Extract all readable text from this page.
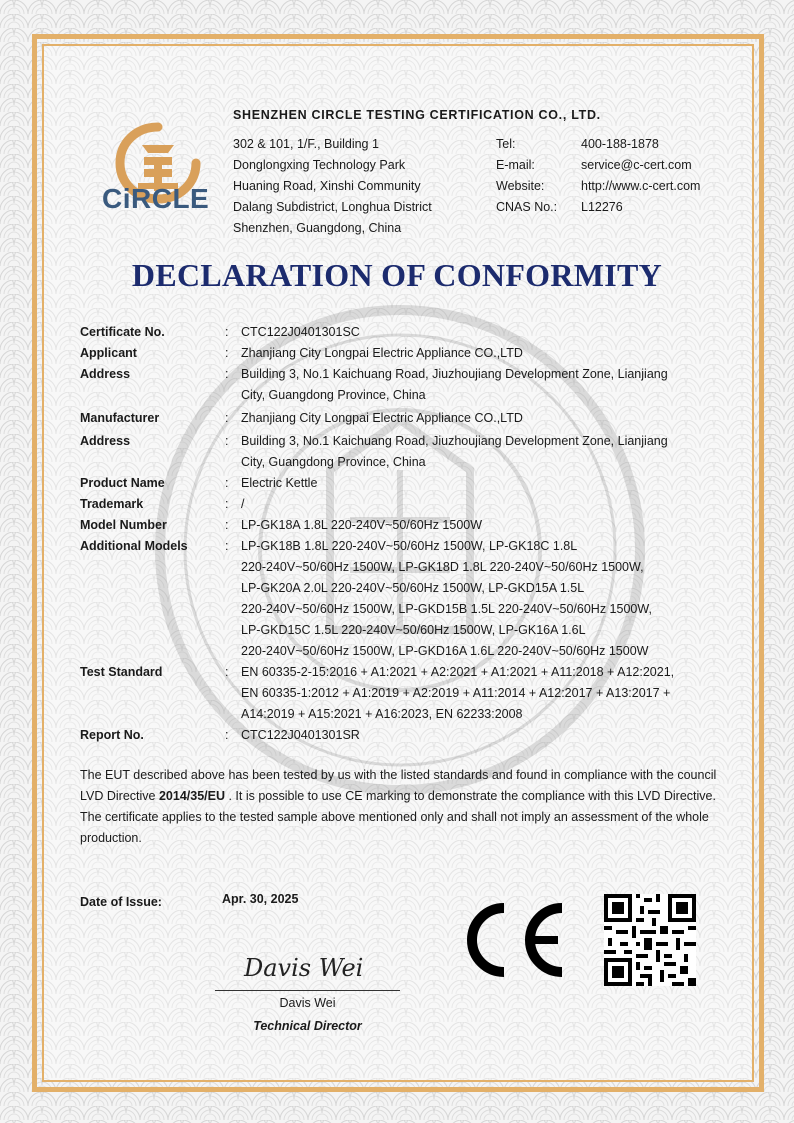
CiRCLE
SHENZHEN CIRCLE TESTING CERTIFICATION CO., LTD.
302 & 101, 1/F., Building 1
Donglongxing Technology Park
Huaning Road, Xinshi Community
Dalang Subdistrict, Longhua District
Shenzhen, Guangdong, China
Tel:	400-188-1878
E-mail:	service@c-cert.com
Website:	http://www.c-cert.com
CNAS No.:	L12276
DECLARATION OF CONFORMITY
Certificate No.	:	CTC122J0401301SC
Applicant	:	Zhanjiang City Longpai Electric Appliance CO.,LTD
Address	:	Building 3, No.1 Kaichuang Road, Jiuzhoujiang Development Zone, Lianjiang
City, Guangdong Province, China
Manufacturer	:	Zhanjiang City Longpai Electric Appliance CO.,LTD
Address	:	Building 3, No.1 Kaichuang Road, Jiuzhoujiang Development Zone, Lianjiang
City, Guangdong Province, China
Product Name	:	Electric Kettle
Trademark	:	/
Model Number	:	LP-GK18A 1.8L 220-240V~50/60Hz 1500W
Additional Models	:	LP-GK18B 1.8L 220-240V~50/60Hz 1500W, LP-GK18C 1.8L
220-240V~50/60Hz 1500W, LP-GK18D 1.8L 220-240V~50/60Hz 1500W,
LP-GK20A 2.0L 220-240V~50/60Hz 1500W, LP-GKD15A 1.5L
220-240V~50/60Hz 1500W, LP-GKD15B 1.5L 220-240V~50/60Hz 1500W,
LP-GKD15C 1.5L 220-240V~50/60Hz 1500W, LP-GK16A 1.6L
220-240V~50/60Hz 1500W, LP-GKD16A 1.6L 220-240V~50/60Hz 1500W
Test Standard	:	EN 60335-2-15:2016 + A1:2021 + A2:2021 + A1:2021 + A11:2018 + A12:2021,
EN 60335-1:2012 + A1:2019 + A2:2019 + A11:2014 + A12:2017 + A13:2017 +
A14:2019 + A15:2021 + A16:2023, EN 62233:2008
Report No.	:	CTC122J0401301SR
The EUT described above has been tested by us with the listed standards and found in compliance with the council LVD Directive 2014/35/EU . It is possible to use CE marking to demonstrate the compliance with this LVD Directive.
The certificate applies to the tested sample above mentioned only and shall not imply an assessment of the whole production.
Date of Issue:	Apr. 30, 2025
Davis Wei
Davis Wei
Technical Director
